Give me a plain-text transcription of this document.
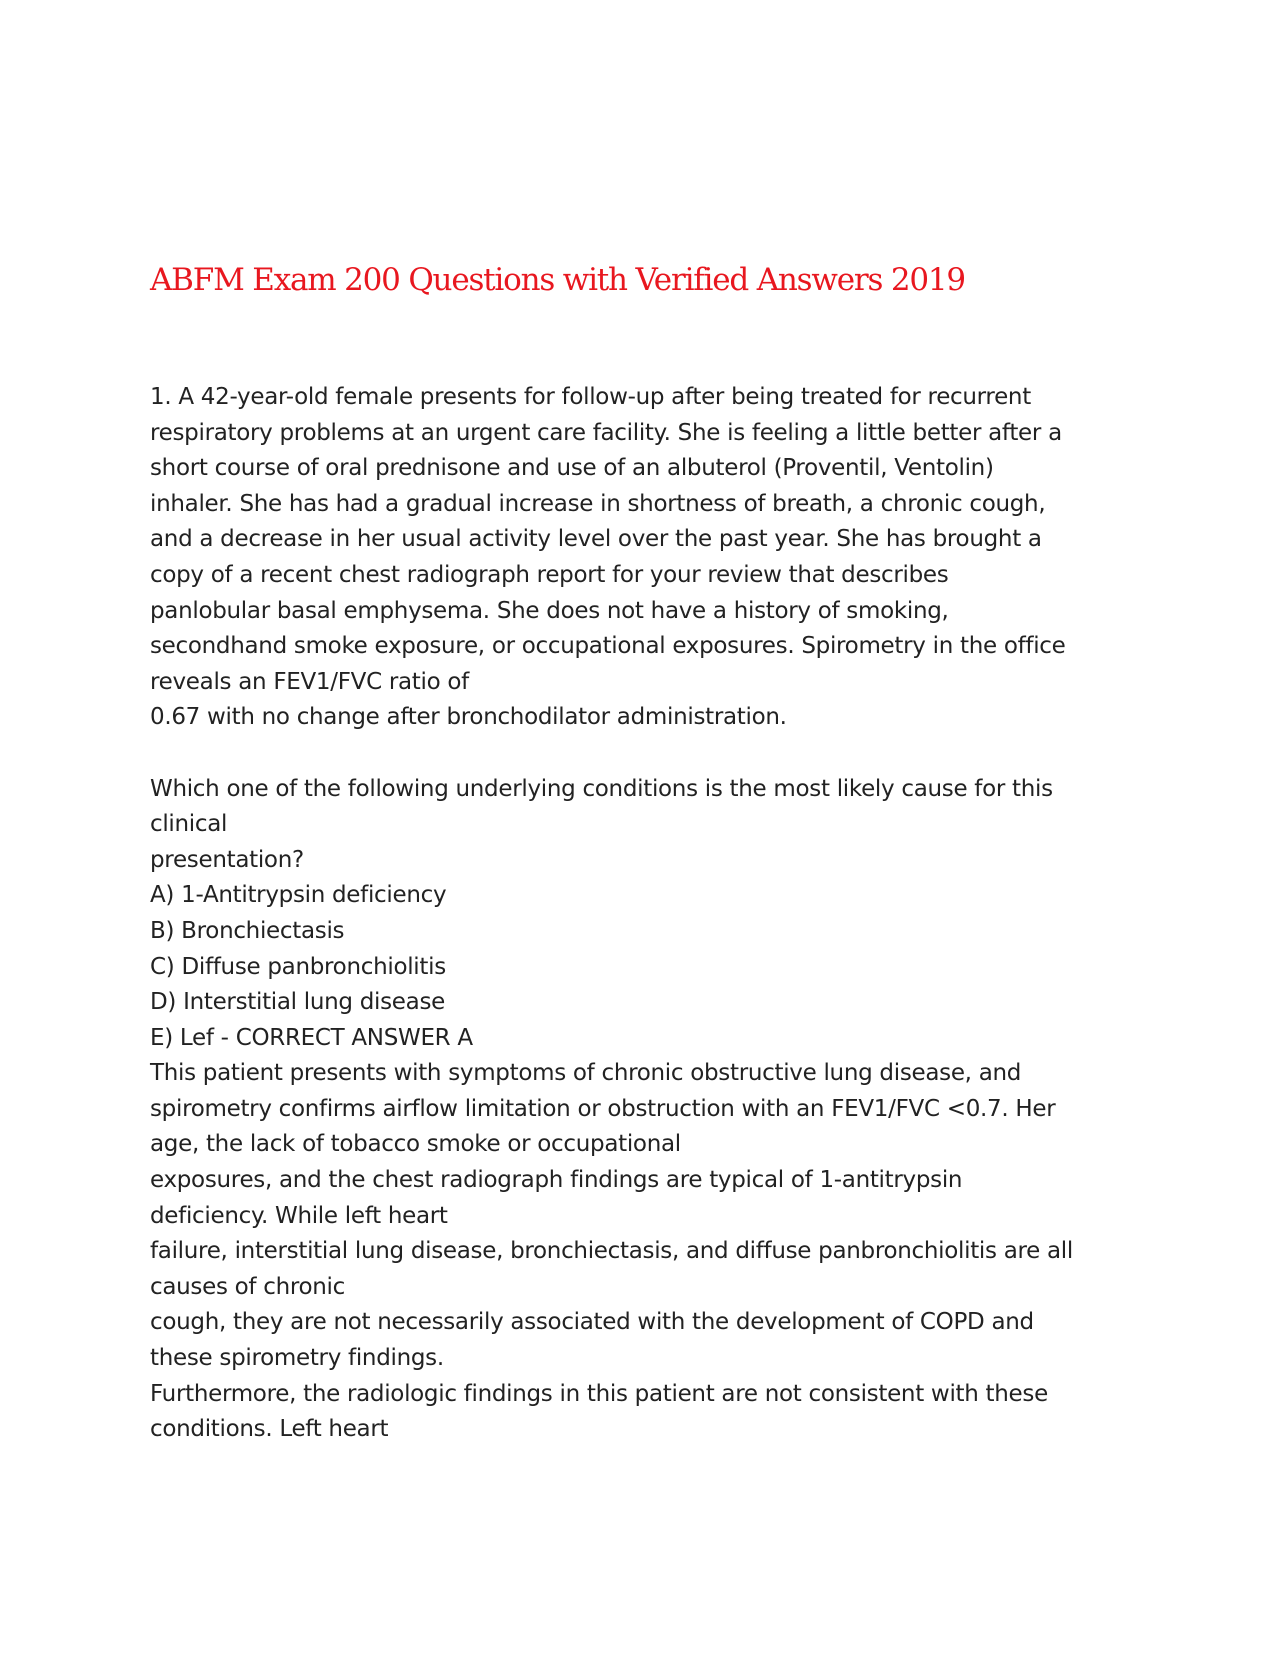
ABFM Exam 200 Questions with Verified Answers 2019
1. A 42-year-old female presents for follow-up after being treated for recurrent
respiratory problems at an urgent care facility. She is feeling a little better after a
short course of oral prednisone and use of an albuterol (Proventil, Ventolin)
inhaler. She has had a gradual increase in shortness of breath, a chronic cough,
and a decrease in her usual activity level over the past year. She has brought a
copy of a recent chest radiograph report for your review that describes
panlobular basal emphysema. She does not have a history of smoking,
secondhand smoke exposure, or occupational exposures. Spirometry in the office
reveals an FEV1/FVC ratio of
0.67 with no change after bronchodilator administration.
Which one of the following underlying conditions is the most likely cause for this
clinical
presentation?
A) 1-Antitrypsin deficiency
B) Bronchiectasis
C) Diffuse panbronchiolitis
D) Interstitial lung disease
E) Lef - CORRECT ANSWER A
This patient presents with symptoms of chronic obstructive lung disease, and
spirometry confirms airflow limitation or obstruction with an FEV1/FVC <0.7. Her
age, the lack of tobacco smoke or occupational
exposures, and the chest radiograph findings are typical of 1-antitrypsin
deficiency. While left heart
failure, interstitial lung disease, bronchiectasis, and diffuse panbronchiolitis are all
causes of chronic
cough, they are not necessarily associated with the development of COPD and
these spirometry findings.
Furthermore, the radiologic findings in this patient are not consistent with these
conditions. Left heart
